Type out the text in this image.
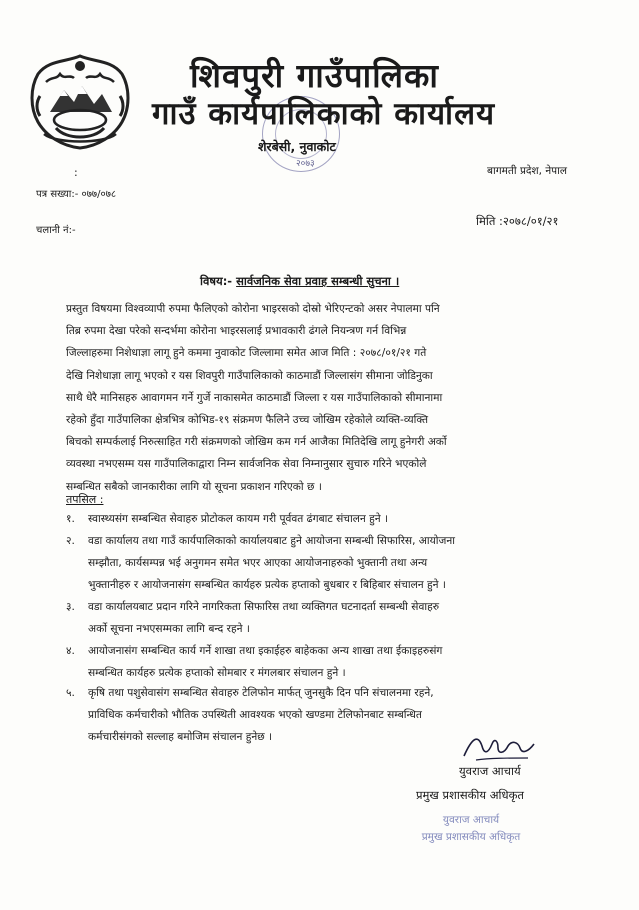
२०७३
शिवपुरी गाउँपालिका
गाउँ कार्यपालिकाको कार्यालय
शेरबेसी, नुवाकोट
:	बागमती प्रदेश, नेपाल
पत्र सख्या:- ०७७/०७८
चलानी नं:-
मिति :२०७८/०१/२१
विषय:- सार्वजनिक सेवा प्रवाह सम्बन्धी सुचना ।
प्रस्तुत विषयमा विश्वव्यापी रुपमा फैलिएको कोरोना भाइरसको दोस्रो भेरिएन्टको असर नेपालमा पनि
तिब्र रुपमा देखा परेको सन्दर्भमा कोरोना भाइरसलाई प्रभावकारी ढंगले नियन्त्रण गर्न विभिन्न
जिल्लाहरुमा निशेधाज्ञा लागू हुने कममा नुवाकोट जिल्लामा समेत आज मिति : २०७८/०१/२१ गते
देखि निशेधाज्ञा लागू भएको र यस शिवपुरी गाउँपालिकाको काठमाडौं जिल्लासंग सीमाना जोडिनुका
साथै धेरै मानिसहरु आवागमन गर्ने गुर्जे नाकासमेत काठमाडौं जिल्ला र यस गाउँपालिकाको सीमानामा
रहेको हुँदा गाउँपालिका क्षेत्रभित्र कोभिड-१९ संक्रमण फैलिने उच्च जोखिम रहेकोले व्यक्ति-व्यक्ति
बिचको सम्पर्कलाई निरुत्साहित गरी संक्रमणको जोखिम कम गर्न आजैका मितिदेखि लागू हुनेगरी अर्को
व्यवस्था नभएसम्म यस गाउँपालिकाद्वारा निम्न सार्वजनिक सेवा निम्नानुसार सुचारु गरिने भएकोले
सम्बन्धित सबैको जानकारीका लागि यो सूचना प्रकाशन गरिएको छ ।
तपसिल :
१. स्वास्थ्यसंग सम्बन्धित सेवाहरु प्रोटोकल कायम गरी पूर्ववत ढंगबाट संचालन हुने ।
२. वडा कार्यालय तथा गाउँ कार्यपालिकाको कार्यालयबाट हुने आयोजना सम्बन्धी सिफारिस, आयोजना
सम्झौता, कार्यसम्पन्न भई अनुगमन समेत भएर आएका आयोजनाहरुको भुक्तानी तथा अन्य
भुक्तानीहरु र आयोजनासंग सम्बन्धित कार्यहरु प्रत्येक हप्ताको बुधबार र बिहिबार संचालन हुने ।
३. वडा कार्यालयबाट प्रदान गरिने नागरिकता सिफारिस तथा व्यक्तिगत घटनादर्ता सम्बन्धी सेवाहरु
अर्को सूचना नभएसम्मका लागि बन्द रहने ।
४. आयोजनासंग सम्बन्धित कार्य गर्ने शाखा तथा इकाईहरु बाहेकका अन्य शाखा तथा ईकाइहरुसंग
सम्बन्धित कार्यहरु प्रत्येक हप्ताको सोमबार र मंगलबार संचालन हुने ।
५. कृषि तथा पशुसेवासंग सम्बन्धित सेवाहरु टेलिफोन मार्फत् जुनसुकै दिन पनि संचालनमा रहने,
प्राविधिक कर्मचारीको भौतिक उपस्थिती आवश्यक भएको खण्डमा टेलिफोनबाट सम्बन्धित
कर्मचारीसंगको सल्लाह बमोजिम संचालन हुनेछ ।
युवराज आचार्य
प्रमुख प्रशासकीय अधिकृत
युवराज आचार्य
प्रमुख प्रशासकीय अधिकृत
